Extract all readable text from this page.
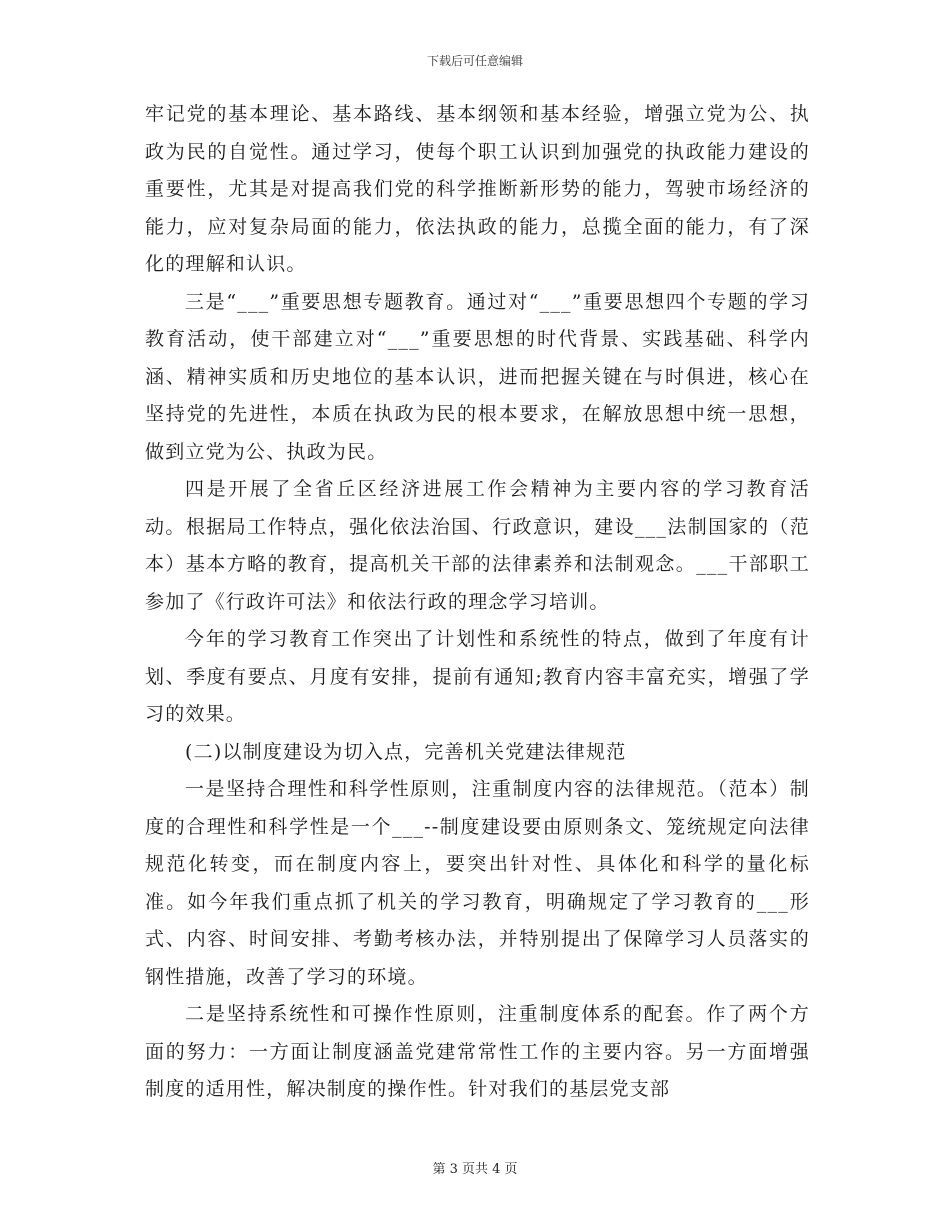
下载后可任意编辑

牢记党的基本理论、基本路线、基本纲领和基本经验，增强立党为公、执政为民的自觉性。通过学习，使每个职工认识到加强党的执政能力建设的重要性，尤其是对提高我们党的科学推断新形势的能力，驾驶市场经济的能力，应对复杂局面的能力，依法执政的能力，总揽全面的能力，有了深化的理解和认识。

三是“___”重要思想专题教育。通过对“___”重要思想四个专题的学习教育活动，使干部建立对“___”重要思想的时代背景、实践基础、科学内涵、精神实质和历史地位的基本认识，进而把握关键在与时俱进，核心在坚持党的先进性，本质在执政为民的根本要求，在解放思想中统一思想，做到立党为公、执政为民。

四是开展了全省丘区经济进展工作会精神为主要内容的学习教育活动。根据局工作特点，强化依法治国、行政意识，建设___法制国家的（范本）基本方略的教育，提高机关干部的法律素养和法制观念。___干部职工参加了《行政许可法》和依法行政的理念学习培训。

今年的学习教育工作突出了计划性和系统性的特点，做到了年度有计划、季度有要点、月度有安排，提前有通知;教育内容丰富充实，增强了学习的效果。

(二)以制度建设为切入点，完善机关党建法律规范

一是坚持合理性和科学性原则，注重制度内容的法律规范。（范本）制度的合理性和科学性是一个___--制度建设要由原则条文、笼统规定向法律规范化转变，而在制度内容上，要突出针对性、具体化和科学的量化标准。如今年我们重点抓了机关的学习教育，明确规定了学习教育的___形式、内容、时间安排、考勤考核办法，并特别提出了保障学习人员落实的钢性措施，改善了学习的环境。

二是坚持系统性和可操作性原则，注重制度体系的配套。作了两个方面的努力：一方面让制度涵盖党建常常性工作的主要内容。另一方面增强制度的适用性，解决制度的操作性。针对我们的基层党支部

第 3 页共 4 页
